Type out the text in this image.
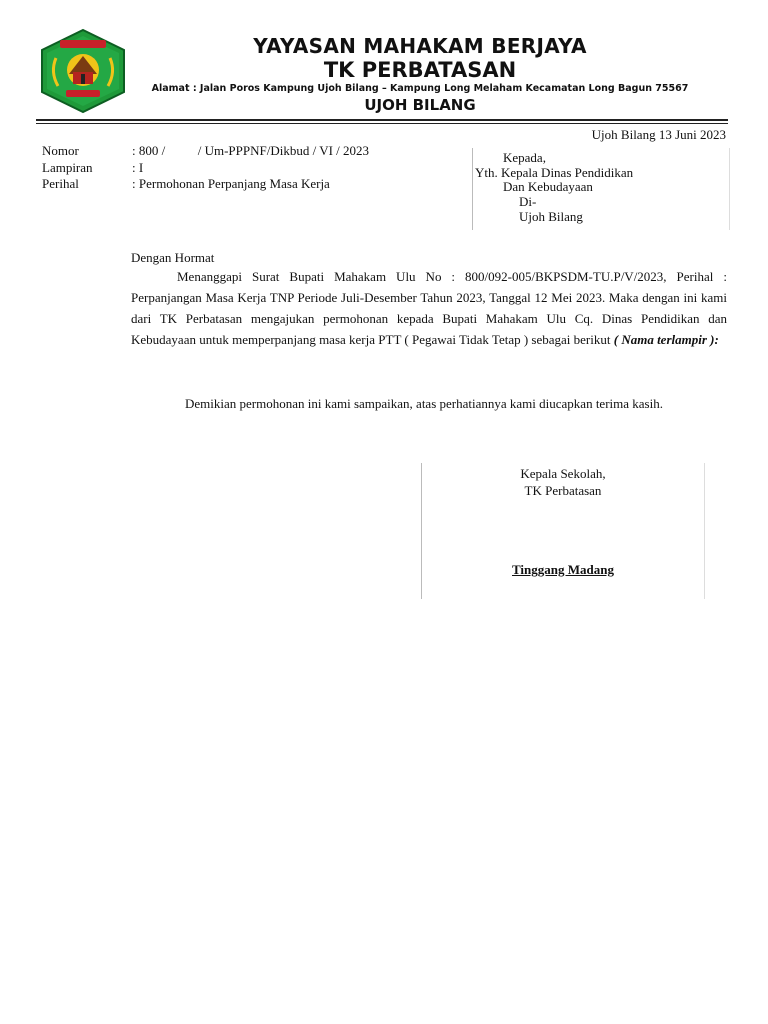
YAYASAN MAHAKAM BERJAYA
TK PERBATASAN
Alamat : Jalan Poros Kampung Ujoh Bilang – Kampung Long Melaham Kecamatan Long Bagun 75567
UJOH BILANG
Ujoh Bilang 13 Juni 2023
Nomor	: 800 /          / Um-PPPNF/Dikbud / VI / 2023
Lampiran	: I
Perihal	: Permohonan Perpanjang Masa Kerja
Kepada,
Yth. Kepala Dinas Pendidikan
Dan Kebudayaan
Di-
Ujoh Bilang
Dengan Hormat
Menanggapi Surat Bupati Mahakam Ulu No : 800/092-005/BKPSDM-TU.P/V/2023, Perihal : Perpanjangan Masa Kerja TNP Periode Juli-Desember Tahun 2023, Tanggal 12 Mei 2023. Maka dengan ini kami dari TK Perbatasan mengajukan permohonan kepada Bupati Mahakam Ulu Cq. Dinas Pendidikan dan Kebudayaan untuk memperpanjang masa kerja PTT ( Pegawai Tidak Tetap ) sebagai berikut ( Nama terlampir ):
Demikian permohonan ini kami sampaikan, atas perhatiannya kami diucapkan terima kasih.
Kepala Sekolah,
TK Perbatasan
Tinggang Madang
